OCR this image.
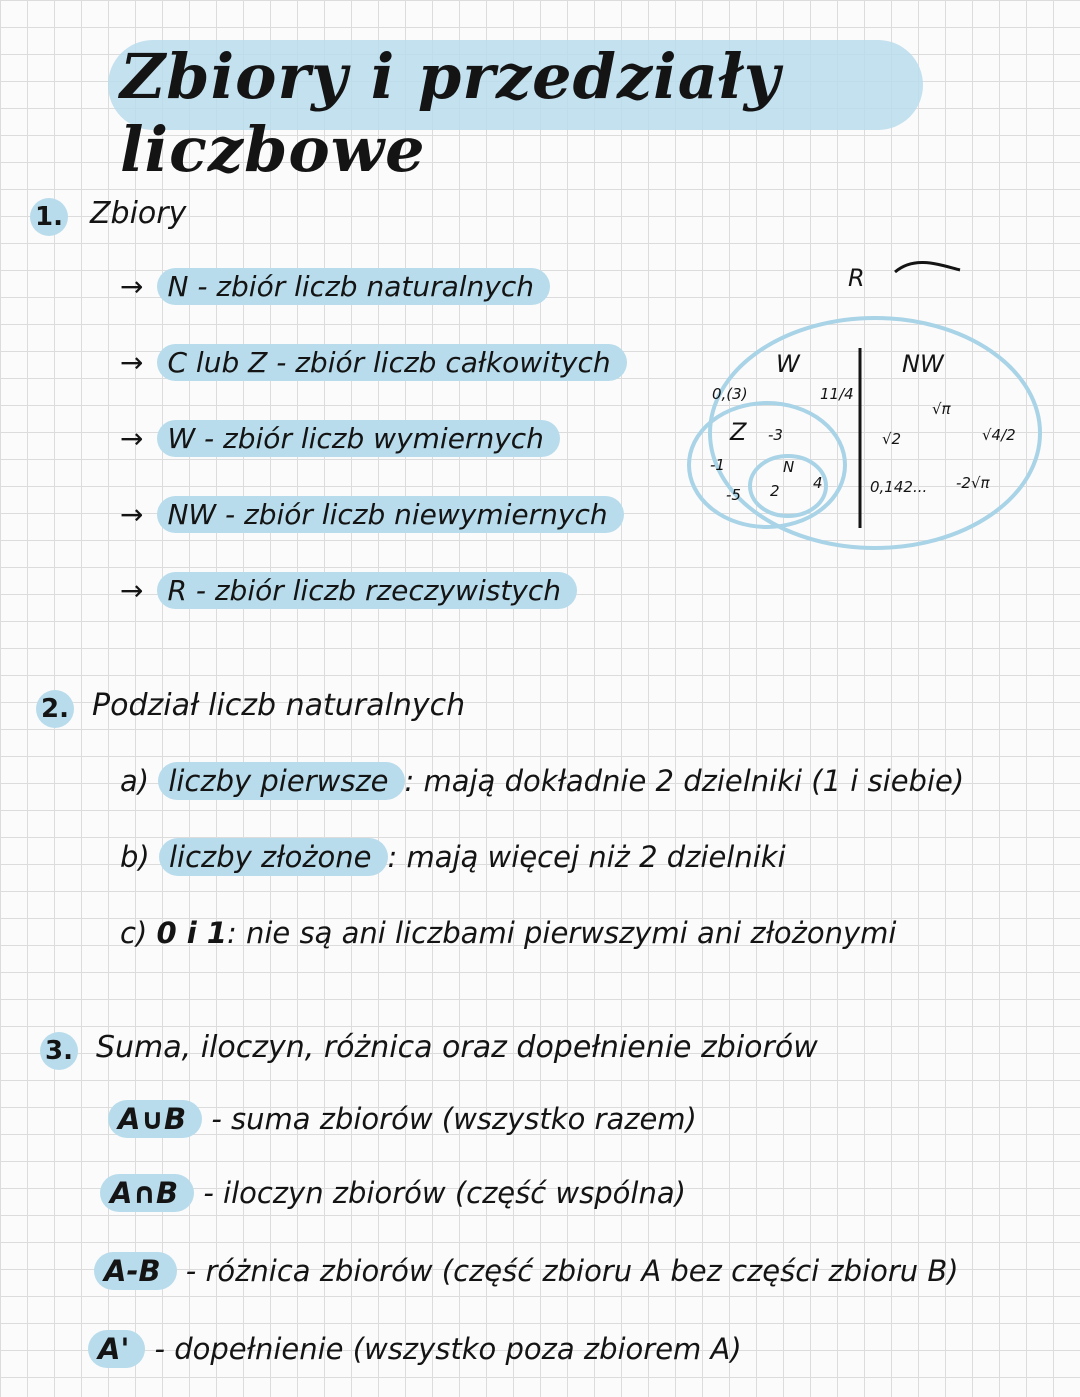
Zbiory i przedziały liczbowe
1. Zbiory
→ N - zbiór liczb naturalnych
→ C lub Z - zbiór liczb całkowitych
→ W - zbiór liczb wymiernych
→ NW - zbiór liczb niewymiernych
→ R - zbiór liczb rzeczywistych
R
W	NW
0,(3)	11/4
Z -3
-1
-5
N
2 4
√π
√2	√4/2
0,142... -2√π
2. Podział liczb naturalnych
a) liczby pierwsze : mają dokładnie 2 dzielniki (1 i siebie)
b) liczby złożone : mają więcej niż 2 dzielniki
c) 0 i 1: nie są ani liczbami pierwszymi ani złożonymi
3. Suma, iloczyn, różnica oraz dopełnienie zbiorów
A∪B - suma zbiorów (wszystko razem)
A∩B - iloczyn zbiorów (część wspólna)
A-B - różnica zbiorów (część zbioru A bez części zbioru B)
A' - dopełnienie (wszystko poza zbiorem A)
